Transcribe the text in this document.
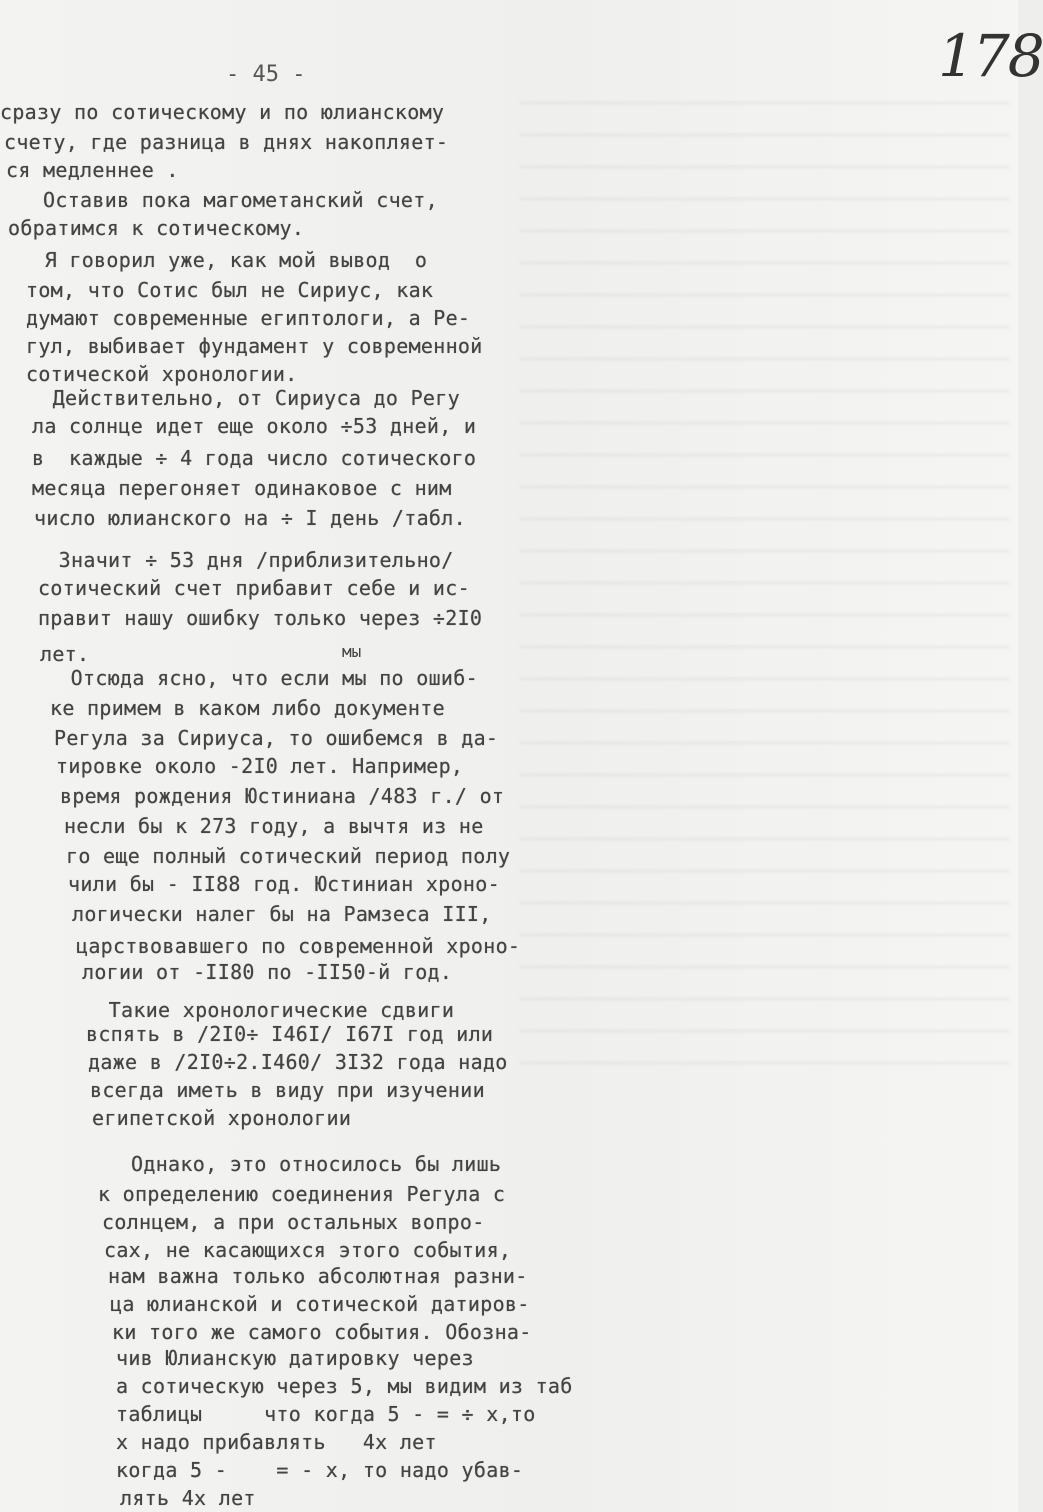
178
- 45 -
мы
сразу по сотическому и по юлианскому
счету, где разница в днях накопляет-
ся медленнее .
Оставив пока магометанский счет,
обратимся к сотическому.
Я говорил уже, как мой вывод  о
том, что Сотис был не Сириус, как
думают современные египтологи, а Ре-
гул, выбивает фундамент у современной
сотической хронологии.
Действительно, от Сириуса до Регу
ла солнце идет еще около ÷53 дней, и
в  каждые ÷ 4 года число сотического
месяца перегоняет одинаковое с ним
число юлианского на ÷ I день /табл.
Значит ÷ 53 дня /приблизительно/
сотический счет прибавит себе и ис-
правит нашу ошибку только через ÷2I0
лет.
Отсюда ясно, что если мы по ошиб-
ке примем в каком либо документе
Регула за Сириуса, то ошибемся в да-
тировке около -2I0 лет. Например,
время рождения Юстиниана /483 г./ от
несли бы к 273 году, а вычтя из не
го еще полный сотический период полу
чили бы - II88 год. Юстиниан хроно-
логически налег бы на Рамзеса III,
царствовавшего по современной хроно-
логии от -II80 по -II50-й год.
Такие хронологические сдвиги
вспять в /2I0÷ I46I/ I67I год или
даже в /2I0÷2.I460/ 3I32 года надо
всегда иметь в виду при изучении
египетской хронологии
Однако, это относилось бы лишь
к определению соединения Регула с
солнцем, а при остальных вопро-
сах, не касающихся этого события,
нам важна только абсолютная разни-
ца юлианской и сотической датиров-
ки того же самого события. Обозна-
чив Юлианскую датировку через
а сотическую через 5, мы видим из таб
таблицы     что когда 5 - = ÷ x,то
x надо прибавлять   4x лет
когда 5 -    = - x, то надо убав-
лять 4x лет
